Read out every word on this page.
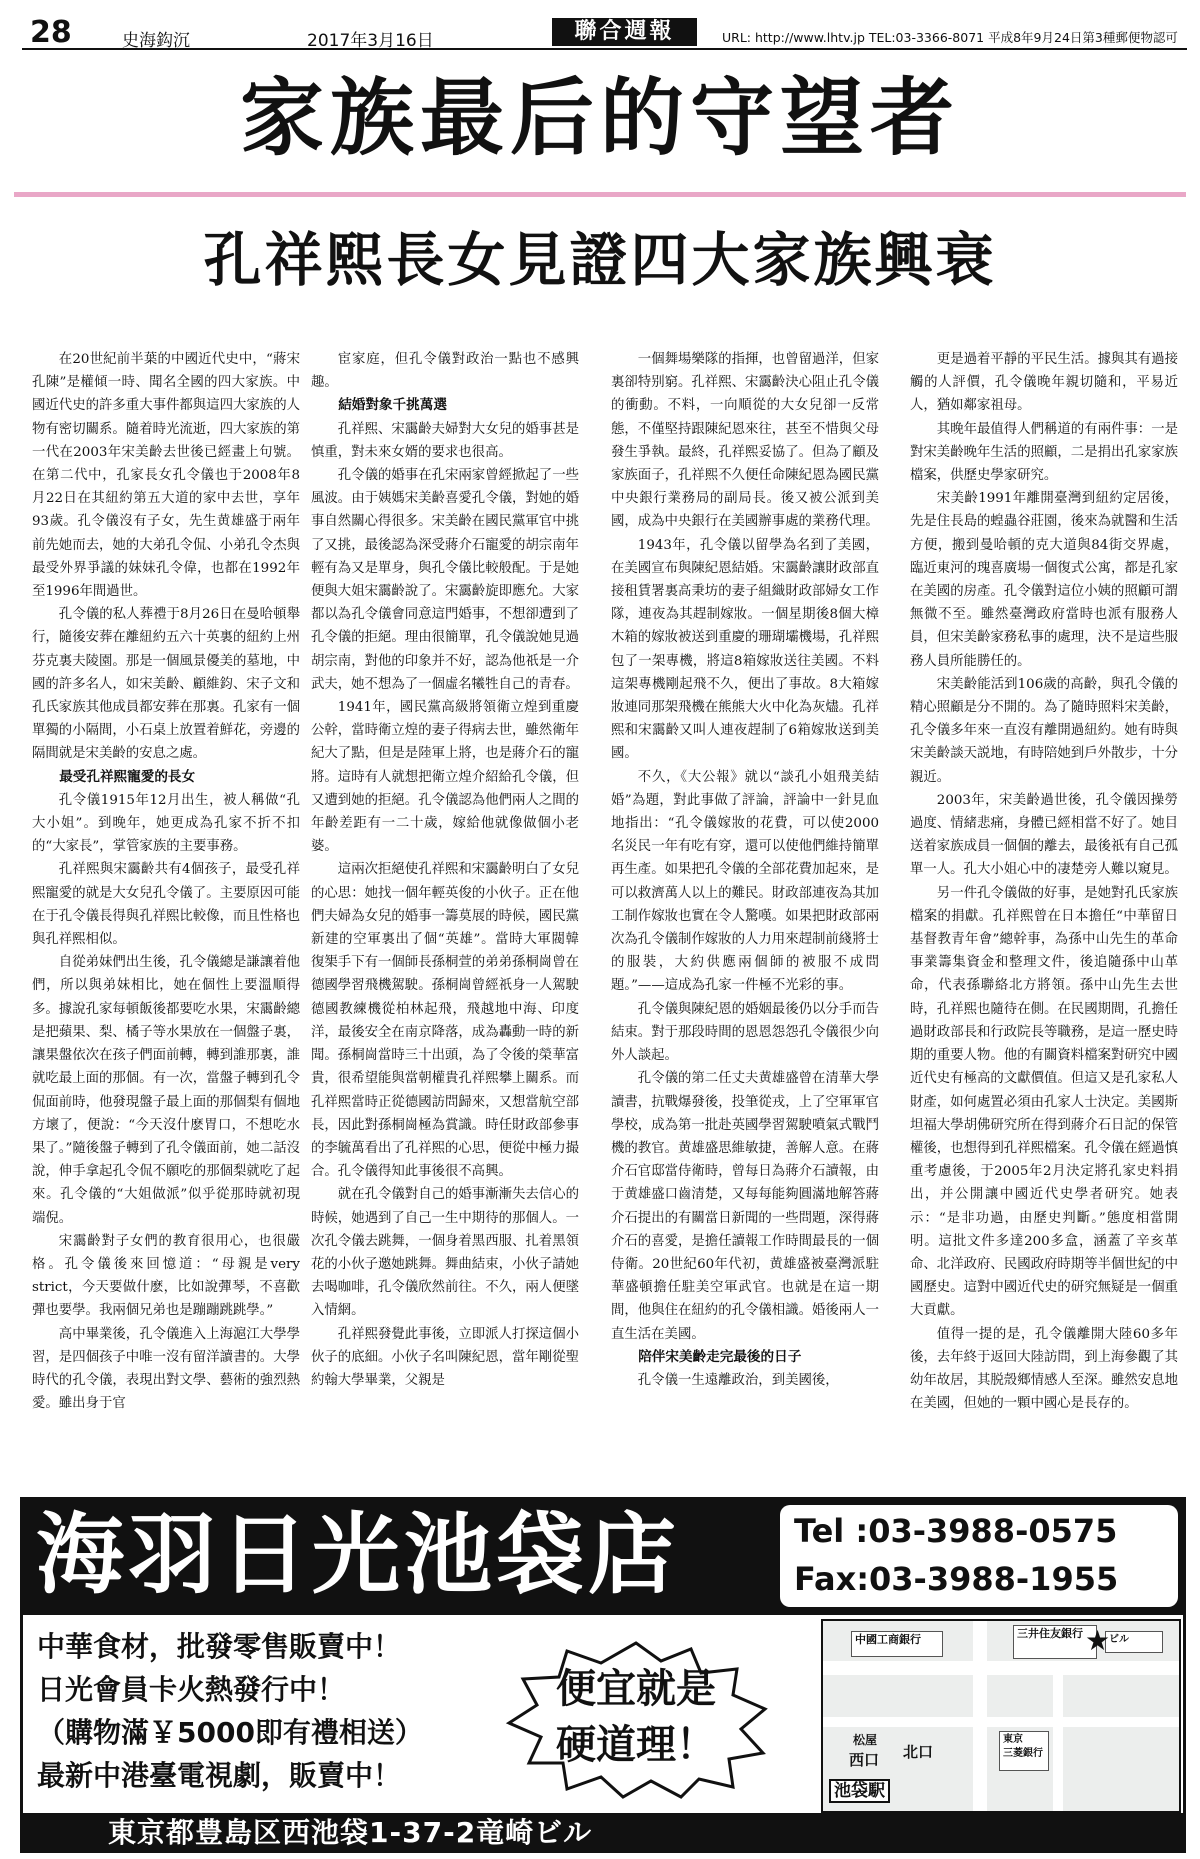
28	史海鈎沉	2017年3月16日	聯合週報	URL: http://www.lhtv.jp TEL:03-3366-8071 平成8年9月24日第3種郵便物認可
家族最后的守望者
孔祥熙長女見證四大家族興衰

在20世紀前半葉的中國近代史中，“蔣宋孔陳”是權傾一時、聞名全國的四大家族。中國近代史的許多重大事件都與這四大家族的人物有密切關系。隨着時光流逝，四大家族的第一代在2003年宋美齡去世後已經畫上句號。在第二代中，孔家長女孔令儀也于2008年8月22日在其紐約第五大道的家中去世，享年93歲。孔令儀沒有子女，先生黄雄盛于兩年前先她而去，她的大弟孔令侃、小弟孔令杰與最受外界爭議的妹妹孔令偉，也都在1992年至1996年間過世。

孔令儀的私人葬禮于8月26日在曼哈頓舉行，隨後安葬在離紐約五六十英裏的紐約上州芬克裏夫陵園。那是一個風景優美的墓地，中國的許多名人，如宋美齡、顧維鈞、宋子文和孔氏家族其他成員都安葬在那裏。孔家有一個單獨的小隔間，小石桌上放置着鮮花，旁邊的隔間就是宋美齡的安息之處。

最受孔祥熙寵愛的長女

孔令儀1915年12月出生，被人稱做“孔大小姐”。到晚年，她更成為孔家不折不扣的“大家長”，掌管家族的主要事務。

孔祥熙與宋靄齡共有4個孩子，最受孔祥熙寵愛的就是大女兒孔令儀了。主要原因可能在于孔令儀長得與孔祥熙比較像，而且性格也與孔祥熙相似。

自從弟妹們出生後，孔令儀總是謙讓着他們，所以與弟妹相比，她在個性上要溫順得多。據說孔家每頓飯後都要吃水果，宋靄齡總是把蘋果、梨、橘子等水果放在一個盤子裏，讓果盤依次在孩子們面前轉，轉到誰那裏，誰就吃最上面的那個。有一次，當盤子轉到孔令侃面前時，他發現盤子最上面的那個梨有個地方壞了，便說：“今天沒什麽胃口，不想吃水果了。”隨後盤子轉到了孔令儀面前，她二話沒說，伸手拿起孔令侃不願吃的那個梨就吃了起來。孔令儀的“大姐做派”似乎從那時就初現端倪。

宋靄齡對子女們的教育很用心，也很嚴格。孔令儀後來回憶道：“母親是very strict，今天要做什麽，比如說彈琴，不喜歡彈也要學。我兩個兄弟也是蹦蹦跳跳學。”

高中畢業後，孔令儀進入上海滬江大學學習，是四個孩子中唯一沒有留洋讀書的。大學時代的孔令儀，表現出對文學、藝術的強烈熱愛。雖出身于官

宦家庭，但孔令儀對政治一點也不感興趣。

結婚對象千挑萬選

孔祥熙、宋靄齡夫婦對大女兒的婚事甚是慎重，對未來女婿的要求也很高。

孔令儀的婚事在孔宋兩家曾經掀起了一些風波。由于姨媽宋美齡喜愛孔令儀，對她的婚事自然關心得很多。宋美齡在國民黨軍官中挑了又挑，最後認為深受蔣介石寵愛的胡宗南年輕有為又是單身，與孔令儀比較般配。于是她便與大姐宋靄齡說了。宋靄齡旋即應允。大家都以為孔令儀會同意這門婚事，不想卻遭到了孔令儀的拒絕。理由很簡單，孔令儀說她見過胡宗南，對他的印象并不好，認為他祇是一介武夫，她不想為了一個虛名犧牲自己的青春。

1941年，國民黨高級將領衛立煌到重慶公幹，當時衛立煌的妻子得病去世，雖然衛年紀大了點，但是是陸軍上將，也是蔣介石的寵將。這時有人就想把衛立煌介紹給孔令儀，但又遭到她的拒絕。孔令儀認為他們兩人之間的年齡差距有一二十歲，嫁給他就像做個小老婆。

這兩次拒絕使孔祥熙和宋靄齡明白了女兒的心思：她找一個年輕英俊的小伙子。正在他們夫婦為女兒的婚事一籌莫展的時候，國民黨新建的空軍裏出了個“英雄”。當時大軍閥韓復榘手下有一個師長孫桐萱的弟弟孫桐崗曾在德國學習飛機駕駛。孫桐崗曾經祇身一人駕駛德國教練機從柏林起飛，飛越地中海、印度洋，最後安全在南京降落，成為轟動一時的新聞。孫桐崗當時三十出頭，為了令後的榮華富貴，很希望能與當朝權貴孔祥熙攀上關系。而孔祥熙當時正從德國訪問歸來，又想當航空部長，因此對孫桐崗極為賞識。時任財政部參事的李毓萬看出了孔祥熙的心思，便從中極力撮合。孔令儀得知此事後很不高興。

就在孔令儀對自己的婚事漸漸失去信心的時候，她遇到了自己一生中期待的那個人。一次孔令儀去跳舞，一個身着黑西服、扎着黑領花的小伙子邀她跳舞。舞曲結束，小伙子請她去喝咖啡，孔令儀欣然前往。不久，兩人便墜入情網。

孔祥熙發覺此事後，立即派人打探這個小伙子的底細。小伙子名叫陳紀恩，當年剛從聖約翰大學畢業，父親是

一個舞場樂隊的指揮，也曾留過洋，但家裏卻特别窮。孔祥熙、宋靄齡決心阻止孔令儀的衝動。不料，一向順從的大女兒卻一反常態，不僅堅持跟陳紀恩來往，甚至不惜與父母發生爭執。最終，孔祥熙妥協了。但為了顧及家族面子，孔祥熙不久便任命陳紀恩為國民黨中央銀行業務局的副局長。後又被公派到美國，成為中央銀行在美國辦事處的業務代理。

1943年，孔令儀以留學為名到了美國，在美國宣布與陳紀恩結婚。宋靄齡讓財政部直接租賃署裏高秉坊的妻子組織財政部婦女工作隊，連夜為其趕制嫁妝。一個星期後8個大樟木箱的嫁妝被送到重慶的珊瑚壩機場，孔祥熙包了一架專機，將這8箱嫁妝送往美國。不料這架專機剛起飛不久，便出了事故。8大箱嫁妝連同那架飛機在熊熊大火中化為灰燼。孔祥熙和宋靄齡又叫人連夜趕制了6箱嫁妝送到美國。

不久，《大公報》就以“談孔小姐飛美結婚”為題，對此事做了評論，評論中一針見血地指出：“孔令儀嫁妝的花費，可以使2000名災民一年有吃有穿，還可以使他們維持簡單再生產。如果把孔令儀的全部花費加起來，是可以救濟萬人以上的難民。財政部連夜為其加工制作嫁妝也實在令人驚嘆。如果把財政部兩次為孔令儀制作嫁妝的人力用來趕制前綫將士的服裝，大約供應兩個師的被服不成問題。”——這成為孔家一件極不光彩的事。

孔令儀與陳紀恩的婚姻最後仍以分手而告結束。對于那段時間的恩恩怨怨孔令儀很少向外人談起。

孔令儀的第二任丈夫黄雄盛曾在清華大學讀書，抗戰爆發後，投筆從戎，上了空軍軍官學校，成為第一批赴英國學習駕駛噴氣式戰鬥機的教官。黄雄盛思維敏捷，善解人意。在蔣介石官邸當侍衛時，曾每日為蔣介石讀報，由于黄雄盛口齒清楚，又每每能夠圓滿地解答蔣介石提出的有關當日新聞的一些問題，深得蔣介石的喜愛，是擔任讀報工作時間最長的一個侍衛。20世紀60年代初，黄雄盛被臺灣派駐華盛頓擔任駐美空軍武官。也就是在這一期間，他與住在紐約的孔令儀相識。婚後兩人一直生活在美國。

陪伴宋美齡走完最後的日子

孔令儀一生遠離政治，到美國後，

更是過着平靜的平民生活。據與其有過接觸的人評價，孔令儀晚年親切隨和，平易近人，猶如鄰家祖母。

其晚年最值得人們稱道的有兩件事：一是對宋美齡晚年生活的照顧，二是捐出孔家家族檔案，供歷史學家研究。

宋美齡1991年離開臺灣到紐約定居後，先是住長島的蝗蟲谷莊園，後來為就醫和生活方便，搬到曼哈頓的克大道與84街交界處，臨近東河的瑰喜廣場一個復式公寓，都是孔家在美國的房產。孔令儀對這位小姨的照顧可謂無微不至。雖然臺灣政府當時也派有服務人員，但宋美齡家務私事的處理，決不是這些服務人員所能勝任的。

宋美齡能活到106歲的高齡，與孔令儀的精心照顧是分不開的。為了隨時照料宋美齡，孔令儀多年來一直沒有離開過紐約。她有時與宋美齡談天説地，有時陪她到戶外散步，十分親近。

2003年，宋美齡過世後，孔令儀因操勞過度、情緒悲痛，身體已經相當不好了。她目送着家族成員一個個的離去，最後祇有自己孤單一人。孔大小姐心中的凄楚旁人難以窺見。

另一件孔令儀做的好事，是她對孔氏家族檔案的捐獻。孔祥熙曾在日本擔任“中華留日基督教青年會”總幹事，為孫中山先生的革命事業籌集資金和整理文件，後追隨孫中山革命，代表孫聯絡北方將領。孫中山先生去世時，孔祥熙也隨待在側。在民國期間，孔擔任過財政部長和行政院長等職務，是這一歷史時期的重要人物。他的有關資料檔案對研究中國近代史有極高的文獻價值。但這又是孔家私人財產，如何處置必須由孔家人士決定。美國斯坦福大學胡佛研究所在得到蔣介石日記的保管權後，也想得到孔祥熙檔案。孔令儀在經過慎重考慮後，于2005年2月決定將孔家史料捐出，并公開讓中國近代史學者研究。她表示：“是非功過，由歷史判斷。”態度相當開明。這批文件多達200多盒，涵蓋了辛亥革命、北洋政府、民國政府時期等半個世紀的中國歷史。這對中國近代史的研究無疑是一個重大貢獻。

值得一提的是，孔令儀離開大陸60多年後，去年終于返回大陸訪問，到上海參觀了其幼年故居，其脱殼鄉情感人至深。雖然安息地在美國，但她的一顆中國心是長存的。

海羽日光池袋店	Tel :03-3988-0575
Fax:03-3988-1955
中華食材，批發零售販賣中！
日光會員卡火熱發行中！
（購物滿￥5000即有禮相送）
最新中港臺電視劇，販賣中！
便宜就是
硬道理！
中國工商銀行	三井住友銀行	ビル
★
東京
三菱銀行
松屋
西口 北口
池袋駅
東京都豊島区西池袋1-37-2竜崎ビル
